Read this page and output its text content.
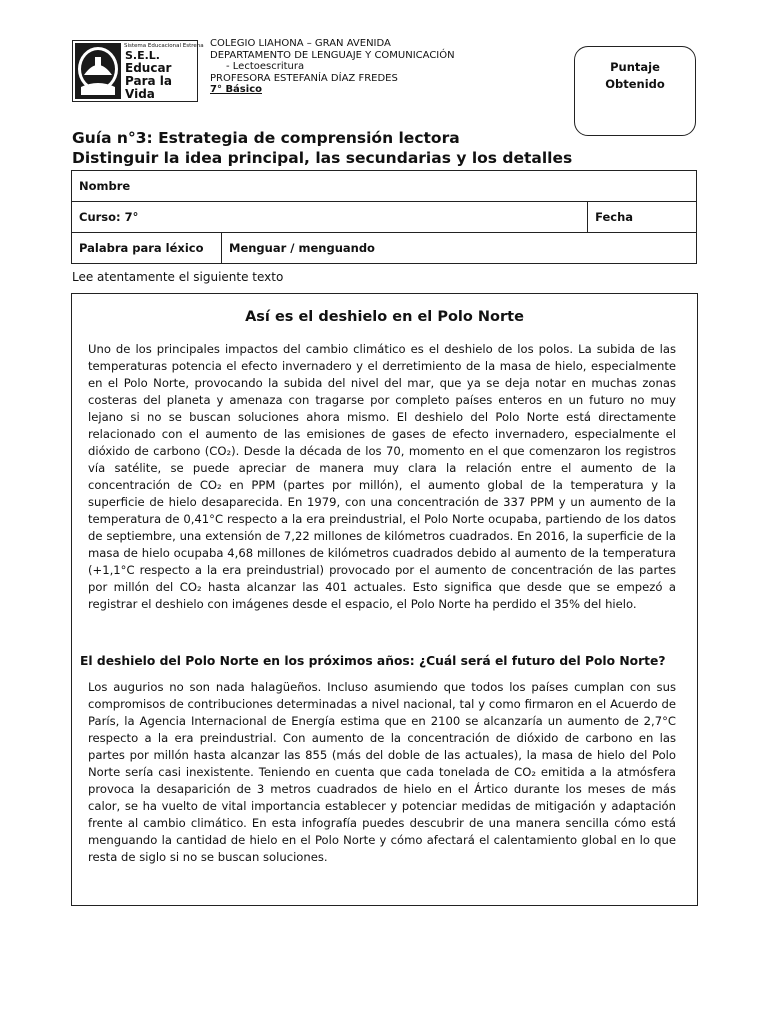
Sistema Educacional Estrena
S.E.L.
Educar
Para la
Vida
COLEGIO LIAHONA – GRAN AVENIDA
DEPARTAMENTO DE LENGUAJE Y COMUNICACIÓN
- Lectoescritura
PROFESORA ESTEFANÍA DÍAZ FREDES
7° Básico
Puntaje
Obtenido
Guía n°3: Estrategia de comprensión lectora
Distinguir la idea principal, las secundarias y los detalles
Nombre		
Curso: 7°		Fecha
Palabra para léxico	Menguar / menguando	
Lee atentamente el siguiente texto
Así es el deshielo en el Polo Norte

Uno de los principales impactos del cambio climático es el deshielo de los polos. La subida de las temperaturas potencia el efecto invernadero y el derretimiento de la masa de hielo, especialmente en el Polo Norte, provocando la subida del nivel del mar, que ya se deja notar en muchas zonas costeras del planeta y amenaza con tragarse por completo países enteros en un futuro no muy lejano si no se buscan soluciones ahora mismo. El deshielo del Polo Norte está directamente relacionado con el aumento de las emisiones de gases de efecto invernadero, especialmente el dióxido de carbono (CO₂). Desde la década de los 70, momento en el que comenzaron los registros vía satélite, se puede apreciar de manera muy clara la relación entre el aumento de la concentración de CO₂ en PPM (partes por millón), el aumento global de la temperatura y la superficie de hielo desaparecida. En 1979, con una concentración de 337 PPM y un aumento de la temperatura de 0,41°C respecto a la era preindustrial, el Polo Norte ocupaba, partiendo de los datos de septiembre, una extensión de 7,22 millones de kilómetros cuadrados. En 2016, la superficie de la masa de hielo ocupaba 4,68 millones de kilómetros cuadrados debido al aumento de la temperatura (+1,1°C respecto a la era preindustrial) provocado por el aumento de concentración de las partes por millón del CO₂ hasta alcanzar las 401 actuales. Esto significa que desde que se empezó a registrar el deshielo con imágenes desde el espacio, el Polo Norte ha perdido el 35% del hielo.

El deshielo del Polo Norte en los próximos años: ¿Cuál será el futuro del Polo Norte?

Los augurios no son nada halagüeños. Incluso asumiendo que todos los países cumplan con sus compromisos de contribuciones determinadas a nivel nacional, tal y como firmaron en el Acuerdo de París, la Agencia Internacional de Energía estima que en 2100 se alcanzaría un aumento de 2,7°C respecto a la era preindustrial. Con aumento de la concentración de dióxido de carbono en las partes por millón hasta alcanzar las 855 (más del doble de las actuales), la masa de hielo del Polo Norte sería casi inexistente. Teniendo en cuenta que cada tonelada de CO₂ emitida a la atmósfera provoca la desaparición de 3 metros cuadrados de hielo en el Ártico durante los meses de más calor, se ha vuelto de vital importancia establecer y potenciar medidas de mitigación y adaptación frente al cambio climático. En esta infografía puedes descubrir de una manera sencilla cómo está menguando la cantidad de hielo en el Polo Norte y cómo afectará el calentamiento global en lo que resta de siglo si no se buscan soluciones.
